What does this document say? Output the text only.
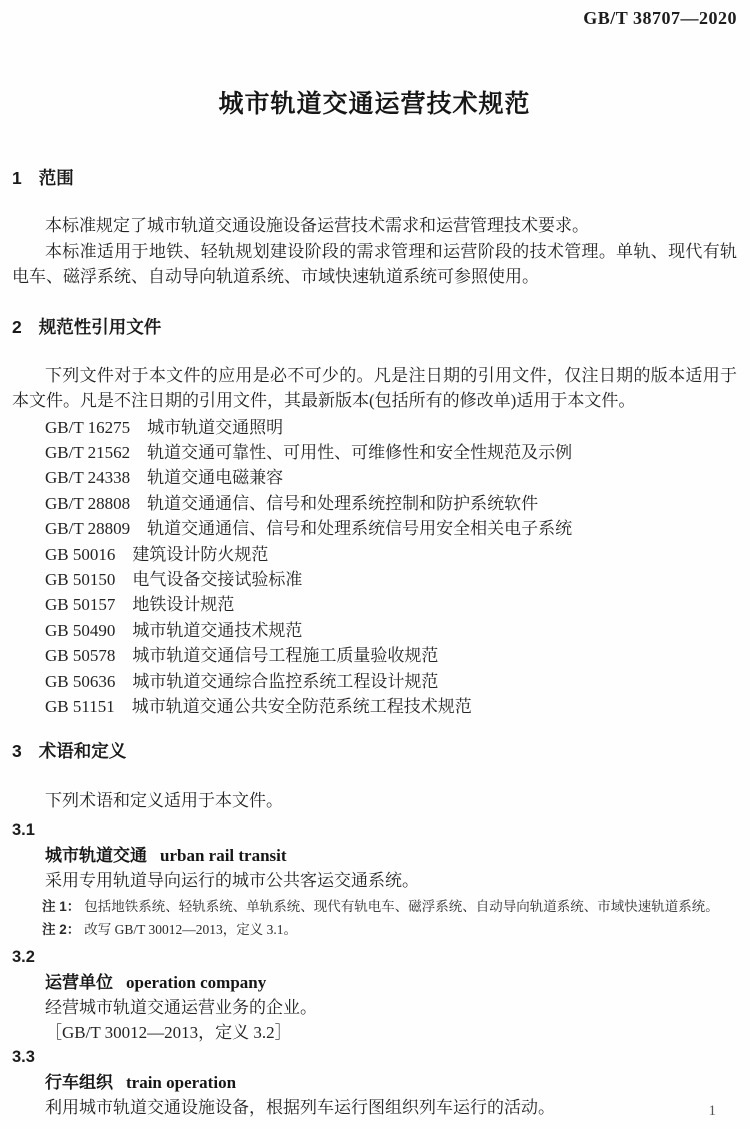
GB/T 38707—2020
城市轨道交通运营技术规范
1 范围

本标准规定了城市轨道交通设施设备运营技术需求和运营管理技术要求。

本标准适用于地铁、轻轨规划建设阶段的需求管理和运营阶段的技术管理。单轨、现代有轨电车、磁浮系统、自动导向轨道系统、市域快速轨道系统可参照使用。

2 规范性引用文件

下列文件对于本文件的应用是必不可少的。凡是注日期的引用文件，仅注日期的版本适用于本文件。凡是不注日期的引用文件，其最新版本(包括所有的修改单)适用于本文件。

GB/T 16275 城市轨道交通照明
GB/T 21562 轨道交通可靠性、可用性、可维修性和安全性规范及示例
GB/T 24338 轨道交通电磁兼容
GB/T 28808 轨道交通通信、信号和处理系统控制和防护系统软件
GB/T 28809 轨道交通通信、信号和处理系统信号用安全相关电子系统
GB 50016 建筑设计防火规范
GB 50150 电气设备交接试验标准
GB 50157 地铁设计规范
GB 50490 城市轨道交通技术规范
GB 50578 城市轨道交通信号工程施工质量验收规范
GB 50636 城市轨道交通综合监控系统工程设计规范
GB 51151 城市轨道交通公共安全防范系统工程技术规范
3 术语和定义

下列术语和定义适用于本文件。

3.1
城市轨道交通 urban rail transit

采用专用轨道导向运行的城市公共客运交通系统。

注 1： 包括地铁系统、轻轨系统、单轨系统、现代有轨电车、磁浮系统、自动导向轨道系统、市域快速轨道系统。

注 2： 改写 GB/T 30012—2013，定义 3.1。

3.2
运营单位 operation company

经营城市轨道交通运营业务的企业。

［GB/T 30012—2013，定义 3.2］

3.3
行车组织 train operation

利用城市轨道交通设施设备，根据列车运行图组织列车运行的活动。	1
